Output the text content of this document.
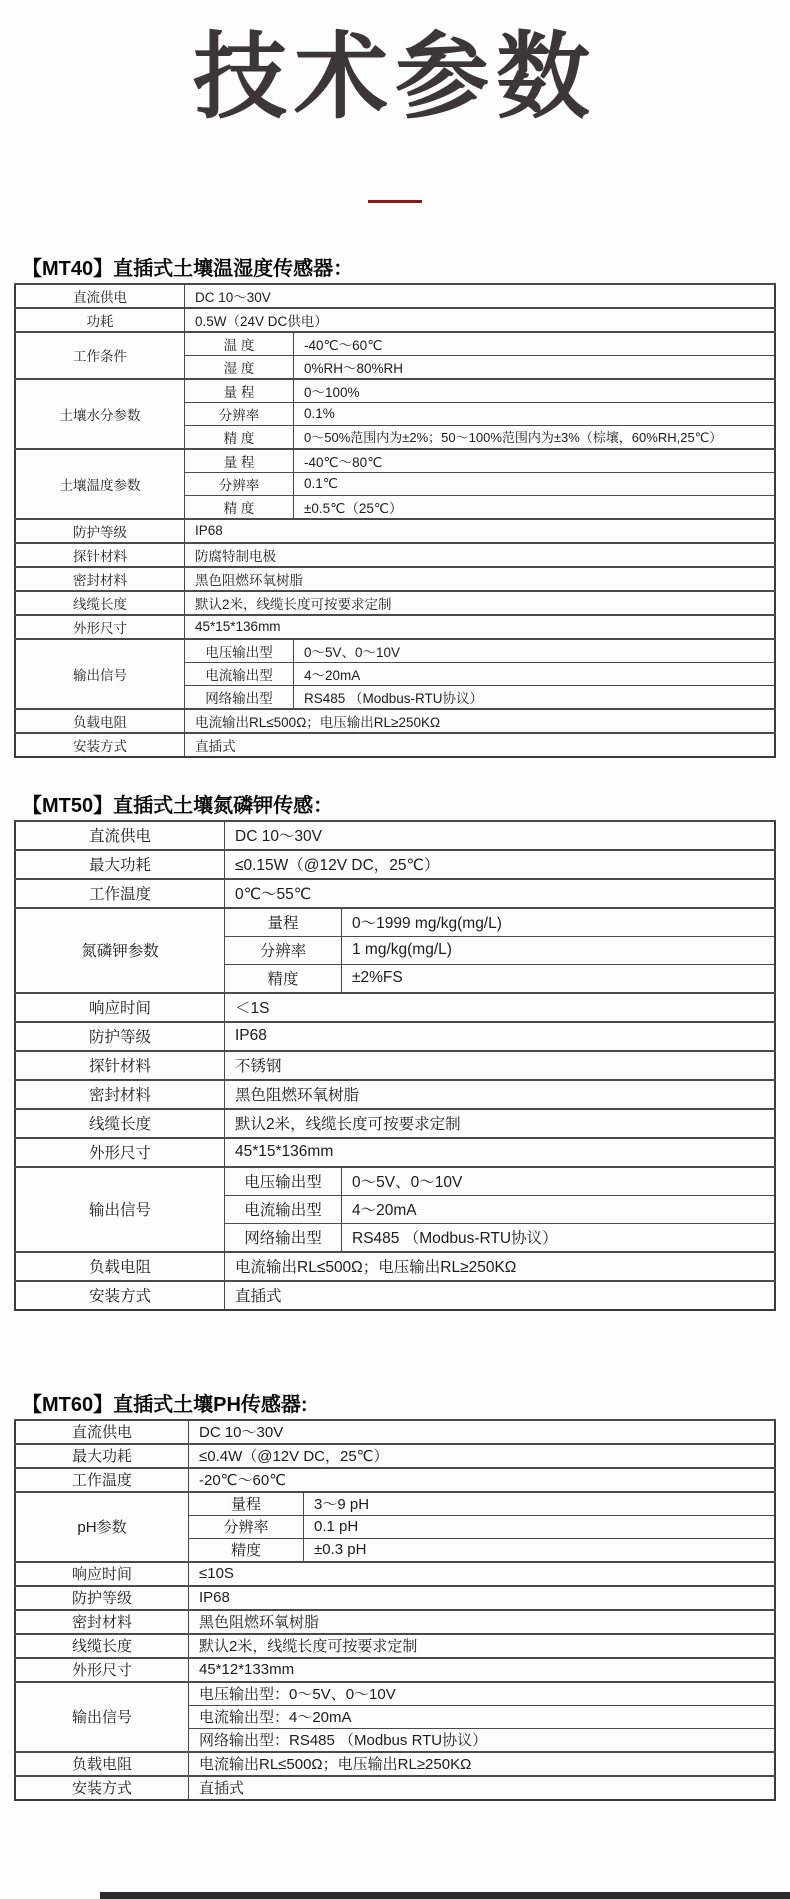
技术参数
【MT40】直插式土壤温湿度传感器：
直流供电	DC 10～30V	
功耗	0.5W（24V DC供电）	
工作条件	温 度	-40℃～60℃
	湿 度	0%RH～80%RH
土壤水分参数	量 程	0～100%
	分辨率	0.1%
	精 度	0～50%范围内为±2%；50～100%范围内为±3%（棕壤，60%RH,25℃）
土壤温度参数	量 程	-40℃～80℃
	分辨率	0.1℃
	精 度	±0.5℃（25℃）
防护等级	IP68	
探针材料	防腐特制电极	
密封材料	黑色阻燃环氧树脂	
线缆长度	默认2米，线缆长度可按要求定制	
外形尺寸	45*15*136mm	
输出信号	电压输出型	0～5V、0～10V
	电流输出型	4～20mA
	网络输出型	RS485 （Modbus-RTU协议）
负载电阻	电流输出RL≤500Ω；电压输出RL≥250KΩ	
安装方式	直插式	
【MT50】直插式土壤氮磷钾传感：
直流供电	DC 10～30V	
最大功耗	≤0.15W（@12V DC，25℃）	
工作温度	0℃～55℃	
氮磷钾参数	量程	0～1999 mg/kg(mg/L)
	分辨率	1 mg/kg(mg/L)
	精度	±2%FS
响应时间	＜1S	
防护等级	IP68	
探针材料	不锈钢	
密封材料	黑色阻燃环氧树脂	
线缆长度	默认2米，线缆长度可按要求定制	
外形尺寸	45*15*136mm	
输出信号	电压输出型	0～5V、0～10V
	电流输出型	4～20mA
	网络输出型	RS485 （Modbus-RTU协议）
负载电阻	电流输出RL≤500Ω；电压输出RL≥250KΩ	
安装方式	直插式	
【MT60】直插式土壤PH传感器:
直流供电	DC 10～30V	
最大功耗	≤0.4W（@12V DC，25℃）	
工作温度	-20℃～60℃	
pH参数	量程	3～9 pH
	分辨率	0.1 pH
	精度	±0.3 pH
响应时间	≤10S	
防护等级	IP68	
密封材料	黑色阻燃环氧树脂	
线缆长度	默认2米，线缆长度可按要求定制	
外形尺寸	45*12*133mm	
输出信号	电压输出型：0～5V、0～10V	
	电流输出型：4～20mA	
	网络输出型：RS485 （Modbus RTU协议）	
负载电阻	电流输出RL≤500Ω；电压输出RL≥250KΩ	
安装方式	直插式	
